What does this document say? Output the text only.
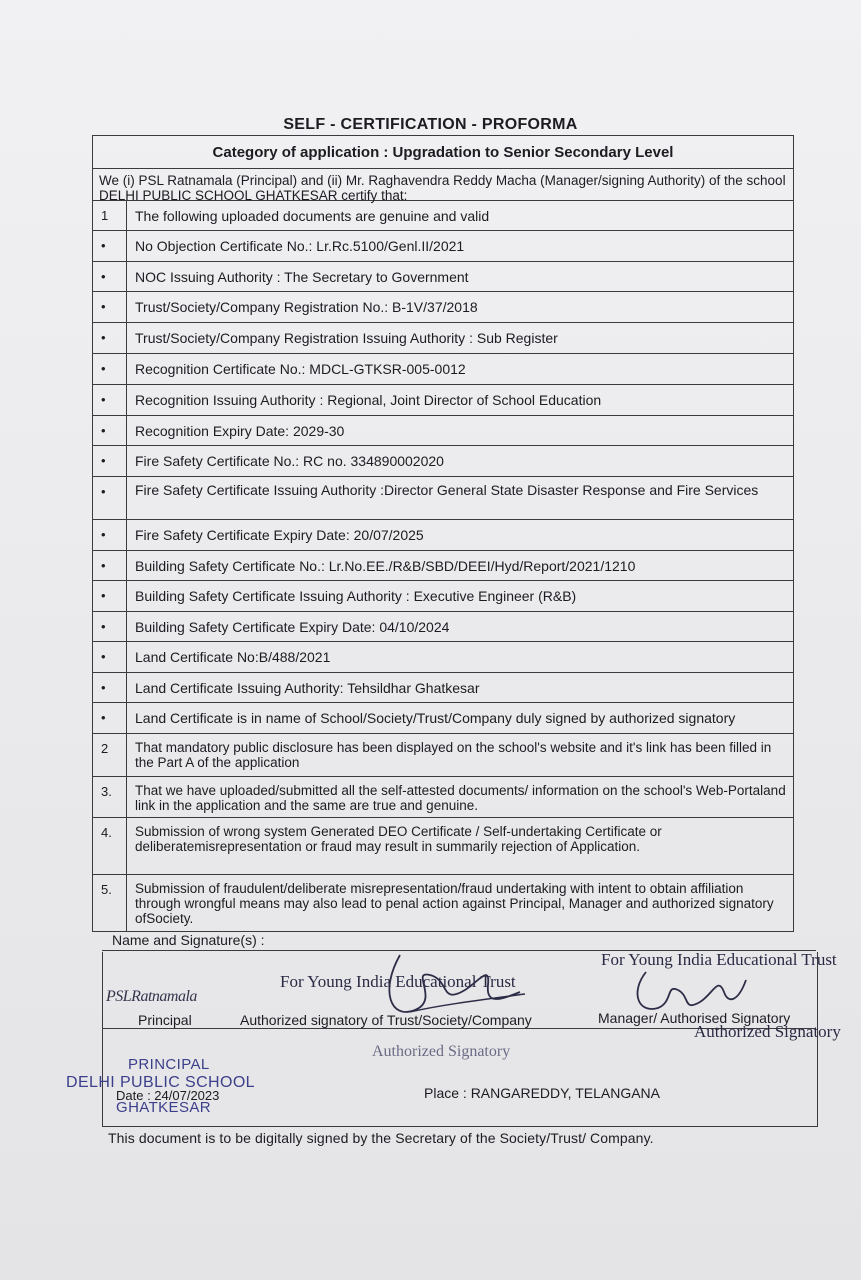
SELF - CERTIFICATION - PROFORMA
Category of application : Upgradation to Senior Secondary Level
We (i) PSL Ratnamala (Principal) and (ii) Mr. Raghavendra Reddy Macha (Manager/signing Authority) of the school DELHI PUBLIC SCHOOL GHATKESAR certify that:
1	The following uploaded documents are genuine and valid
•	No Objection Certificate No.: Lr.Rc.5100/Genl.II/2021
•	NOC Issuing Authority : The Secretary to Government
•	Trust/Society/Company Registration No.: B-1V/37/2018
•	Trust/Society/Company Registration Issuing Authority : Sub Register
•	Recognition Certificate No.: MDCL-GTKSR-005-0012
•	Recognition Issuing Authority : Regional, Joint Director of School Education
•	Recognition Expiry Date: 2029-30
•	Fire Safety Certificate No.: RC no. 334890002020
•	Fire Safety Certificate Issuing Authority :Director General State Disaster Response and Fire Services
•	Fire Safety Certificate Expiry Date: 20/07/2025
•	Building Safety Certificate No.: Lr.No.EE./R&B/SBD/DEEI/Hyd/Report/2021/1210
•	Building Safety Certificate Issuing Authority : Executive Engineer (R&B)
•	Building Safety Certificate Expiry Date: 04/10/2024
•	Land Certificate No:B/488/2021
•	Land Certificate Issuing Authority: Tehsildhar Ghatkesar
•	Land Certificate is in name of School/Society/Trust/Company duly signed by authorized signatory
2	That mandatory public disclosure has been displayed on the school's website and it's link has been filled in the Part A of the application
3.	That we have uploaded/submitted all the self-attested documents/ information on the school's Web-Portaland link in the application and the same are true and genuine.
4.	Submission of wrong system Generated DEO Certificate / Self-undertaking Certificate or deliberatemisrepresentation or fraud may result in summarily rejection of Application.
5.	Submission of fraudulent/deliberate misrepresentation/fraud undertaking with intent to obtain affiliation through wrongful means may also lead to penal action against Principal, Manager and authorized signatory ofSociety.
Name and Signature(s) :
For Young India Educational Trust
For Young India Educational Trust
Authorized Signatory
Authorized Signatory
Principal	Authorized signatory of Trust/Society/Company	Manager/ Authorised Signatory
PSLRatnamala
PRINCIPAL
DELHI PUBLIC SCHOOL
GHATKESAR
Date : 24/07/2023	Place : RANGAREDDY, TELANGANA
This document is to be digitally signed by the Secretary of the Society/Trust/ Company.
